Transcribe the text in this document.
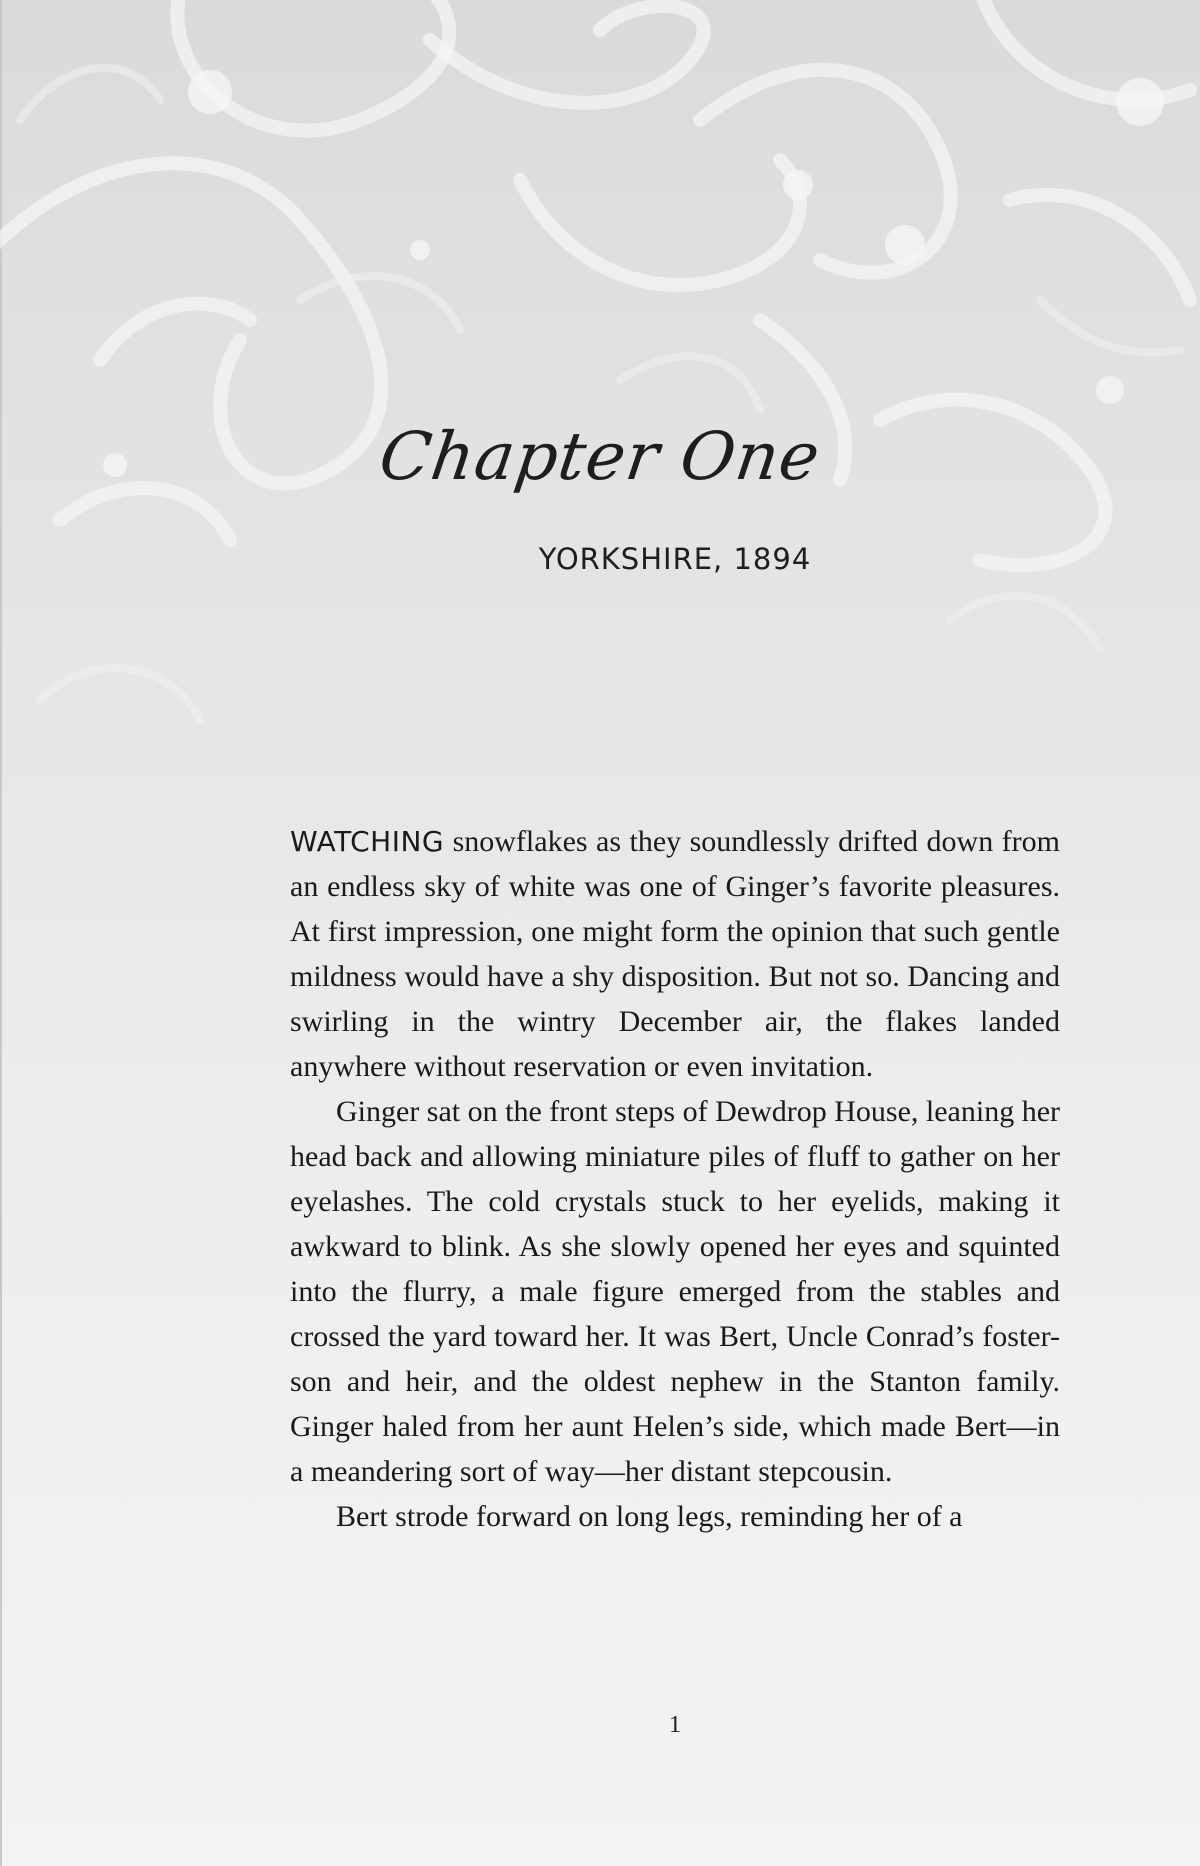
Chapter One
YORKSHIRE, 1894

WATCHING snowflakes as they soundlessly drifted down from an endless sky of white was one of Ginger’s favorite pleasures. At first impression, one might form the opinion that such gentle mildness would have a shy disposition. But not so. Dancing and swirling in the wintry December air, the flakes landed anywhere without reservation or even invitation.

Ginger sat on the front steps of Dewdrop House, leaning her head back and allowing miniature piles of fluff to gather on her eyelashes. The cold crystals stuck to her eyelids, making it awkward to blink. As she slowly opened her eyes and squinted into the flurry, a male figure emerged from the stables and crossed the yard toward her. It was Bert, Uncle Conrad’s foster-son and heir, and the oldest nephew in the Stanton family. Ginger haled from her aunt Helen’s side, which made Bert—in a meandering sort of way—her distant stepcousin.

Bert strode forward on long legs, reminding her of a

1
